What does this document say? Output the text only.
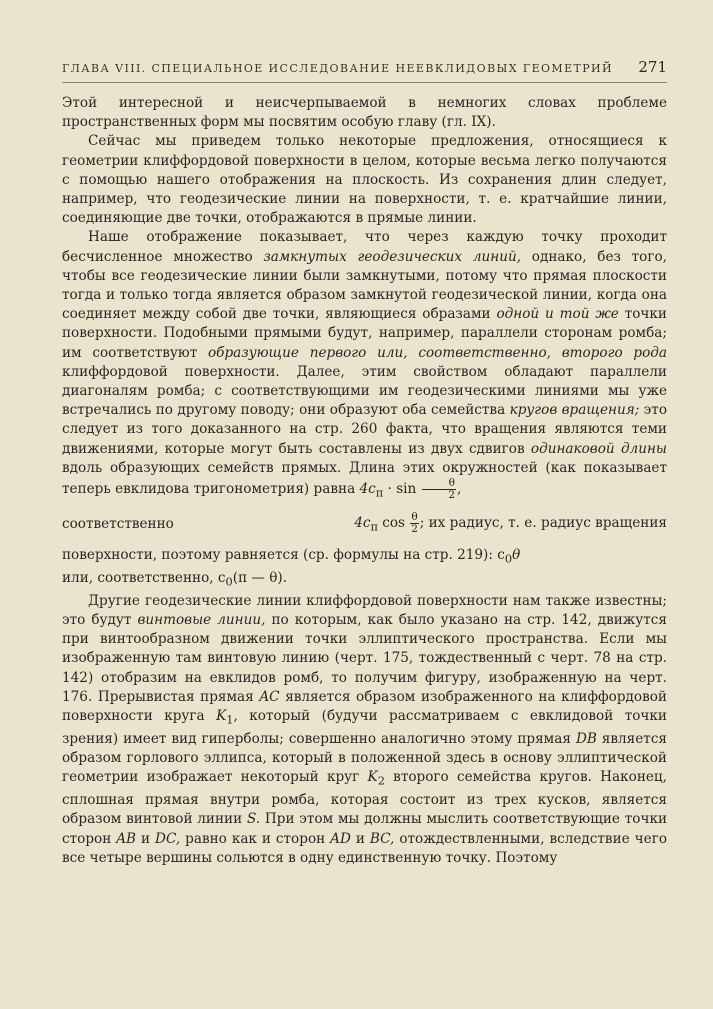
ГЛАВА VIII. СПЕЦИАЛЬНОЕ ИССЛЕДОВАНИЕ НЕЕВКЛИДОВЫХ ГЕОМЕТРИЙ 271

Этой интересной и неисчерпываемой в немногих словах проблеме пространственных форм мы посвятим особую главу (гл. IX).

Сейчас мы приведем только некоторые предложения, относящиеся к геометрии клиффордовой поверхности в целом, которые весьма легко получаются с помощью нашего отображения на плоскость. Из сохранения длин следует, например, что геодезические линии на поверхности, т. е. кратчайшие линии, соединяющие две точки, отображаются в прямые линии.

Наше отображение показывает, что через каждую точку проходит бесчисленное множество замкнутых геодезических линий, однако, без того, чтобы все геодезические линии были замкнутыми, потому что прямая плоскости тогда и только тогда является образом замкнутой геодезической линии, когда она соединяет между собой две точки, являющиеся образами одной и той же точки поверхности. Подобными прямыми будут, например, параллели сторонам ромба; им соответствуют образующие первого или, соответственно, второго рода клиффордовой поверхности. Далее, этим свойством обладают параллели диагоналям ромба; с соответствующими им геодезическими линиями мы уже встречались по другому поводу; они образуют оба семейства кругов вращения; это следует из того доказанного на стр. 260 факта, что вращения являются теми движениями, которые могут быть составлены из двух сдвигов одинаковой длины вдоль образующих семейств прямых. Длина этих окружностей (как показывает теперь евклидова тригонометрия) равна $4c_\pi \cdot \sin \frac{\theta}{2}$ ,

соответственно	$4c_\pi$ $\cos \frac{\theta}{2}$ ; их радиус, т. е. радиус вращения

поверхности, поэтому равняется (ср. формулы на стр. 219): $c_0\theta$

или, соответственно, $c_0(\pi$ — θ).

Другие геодезические линии клиффордовой поверхности нам также известны; это будут винтовые линии, по которым, как было указано на стр. 142, движутся при винтообразном движении точки эллиптического пространства. Если мы изображенную там винтовую линию (черт. 175, тождественный с черт. 78 на стр. 142) отобразим на евклидов ромб, то получим фигуру, изображенную на черт. 176. Прерывистая прямая AC является образом изображенного на клиффордовой поверхности круга $K_1$, который (будучи рассматриваем с евклидовой точки зрения) имеет вид гиперболы; совершенно аналогично этому прямая DB является образом горлового эллипса, который в положенной здесь в основу эллиптической геометрии изображает некоторый круг $K_2$ второго семейства кругов. Наконец, сплошная прямая внутри ромба, которая состоит из трех кусков, является образом винтовой линии S. При этом мы должны мыслить соответствующие точки сторон AB и DC, равно как и сторон AD и BC, отождествленными, вследствие чего все четыре вершины сольются в одну единственную точку. Поэтому
